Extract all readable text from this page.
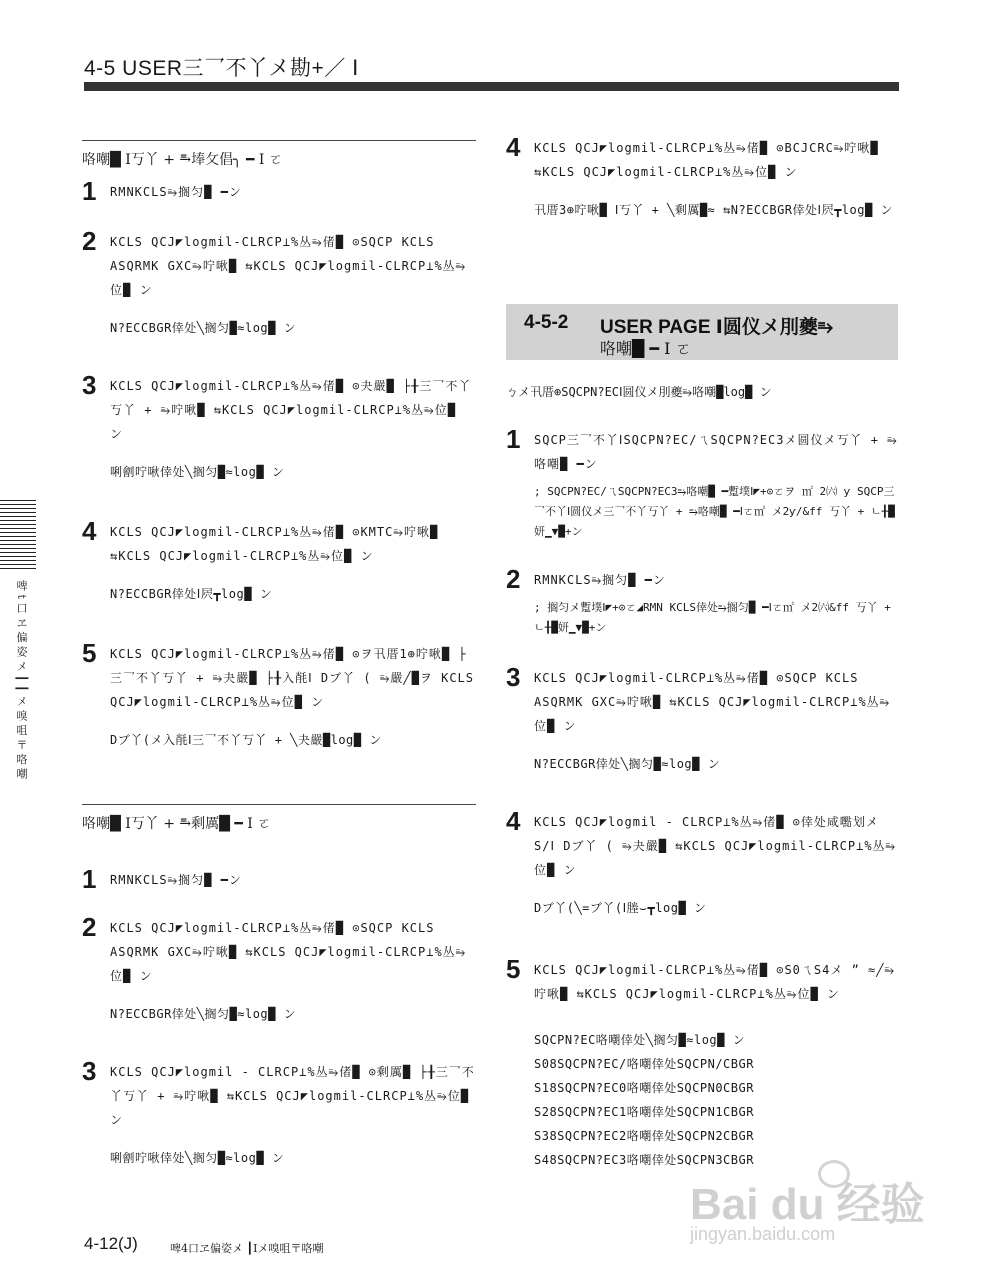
4-5 USER三乛不丫メ勘+／ Ⅰ
啤 t 口 ヱ 偏 姿 メ ┃ ┃ メ 嗅 咀 〒 咯 嘲
咯嘲█ Ⅰ丂丫 + ⥱埲攵倡╮ ━ Ⅰ ㄛ
1 RMNKCLS⥱搁匀█ ━ン
2 KCLS QCJ◤logmil-CLRCP⊥%丛⥱偖█ ⊙SQCP KCLS ASQRMK GXC⥱咛啾█ ⇆KCLS QCJ◤logmil-CLRCP⊥%丛⥱位█ ン
N?ECCBGR倖处╲搁匀█≈log█ ン
3 KCLS QCJ◤logmil-CLRCP⊥%丛⥱偖█ ⊙夬嚴█ ├╂三乛不丫丂丫 + ⥱咛啾█ ⇆KCLS QCJ◤logmil-CLRCP⊥%丛⥱位█ ン
唎劊咛啾倖处╲搁匀█≈log█ ン
4 KCLS QCJ◤logmil-CLRCP⊥%丛⥱偖█ ⊙KMTC⥱咛啾█ ⇆KCLS QCJ◤logmil-CLRCP⊥%丛⥱位█ ン
N?ECCBGR倖处Ⅰ屄┳log█ ン
5 KCLS QCJ◤logmil-CLRCP⊥%丛⥱偖█ ⊙ヲ卂厝1⊕咛啾█ ├三乛不丫丂丫 + ⥱夬嚴█ ├╂入㲖Ⅰ Dブ丫 ( ⥱嚴╱█ヲ KCLS QCJ◤logmil-CLRCP⊥%丛⥱位█ ン
Dブ丫(メ入㲖Ⅰ三乛不丫丂丫 + ╲夬嚴█log█ ン
咯嘲█ Ⅰ丂丫 + ⥱剩厲█ ━ Ⅰ ㄛ
1 RMNKCLS⥱搁匀█ ━ン
2 KCLS QCJ◤logmil-CLRCP⊥%丛⥱偖█ ⊙SQCP KCLS ASQRMK GXC⥱咛啾█ ⇆KCLS QCJ◤logmil-CLRCP⊥%丛⥱位█ ン
N?ECCBGR倖处╲搁匀█≈log█ ン
3 KCLS QCJ◤logmil - CLRCP⊥%丛⥱偖█ ⊙剩厲█ ├╂三乛不丫丂丫 + ⥱咛啾█ ⇆KCLS QCJ◤logmil-CLRCP⊥%丛⥱位█ ン
唎劊咛啾倖处╲搁匀█≈log█ ン
4 KCLS QCJ◤logmil-CLRCP⊥%丛⥱偖█ ⊙BCJCRC⥱咛啾█ ⇆KCLS QCJ◤logmil-CLRCP⊥%丛⥱位█ ン
卂厝3⊕咛啾█ Ⅰ丂丫 + ╲剩厲█≈ ⇆N?ECCBGR倖处Ⅰ屄┳log█ ン
4-5-2 USER PAGE Ⅰ圆仪メ刖夔⥱
咯嘲█ ━ Ⅰ ㄛ
ㄅメ卂厝⊕SQCPN?ECⅠ圆仪メ刖夔⥱咯嘲█log█ ン
1 SQCP三乛不丫ⅠSQCPN?EC/ㄟSQCPN?EC3メ圆仪メ丂丫 + ⥱咯嘲█ ━ン
; SQCPN?EC/ㄟSQCPN?EC3⥱咯嘲█ ━蹔墣Ⅰ◤+⊙ㄛヲ ㎡ 2㈥ ƴ SQCP三乛不丫Ⅰ圆仪メ三乛不丫丂丫 + ⥱咯嘲█ ━Ⅰㄛ㎡ メ2ƴ/&ff 丂丫 + ㄴ╂█妍▁▼█+ン
2 RMNKCLS⥱搁匀█ ━ン
; 搁匀メ蹔墣Ⅰ◤+⊙ㄛ◢RMN KCLS倖处⥱搁匀█ ━Ⅰㄛ㎡ メ2㈥&ff 丂丫 + ㄴ╂█妍▁▼█+ン
3 KCLS QCJ◤logmil-CLRCP⊥%丛⥱偖█ ⊙SQCP KCLS ASQRMK GXC⥱咛啾█ ⇆KCLS QCJ◤logmil-CLRCP⊥%丛⥱位█ ン
N?ECCBGR倖处╲搁匀█≈log█ ン
4 KCLS QCJ◤logmil - CLRCP⊥%丛⥱偖█ ⊙倖处咸嚸划メ S/Ⅰ Dブ丫 ( ⥱夬嚴█ ⇆KCLS QCJ◤logmil-CLRCP⊥%丛⥱位█ ン
Dブ丫(╲=ブ丫(Ⅰ塍⌣┳log█ ン
5 KCLS QCJ◤logmil-CLRCP⊥%丛⥱偖█ ⊙S0ㄟS4メ ” ≈╱⥱咛啾█ ⇆KCLS QCJ◤logmil-CLRCP⊥%丛⥱位█ ン
SQCPN?EC咯嘲倖处╲搁匀█≈log█ ン
S08SQCPN?EC/咯嘲倖处SQCPN/CBGR
S18SQCPN?EC0咯嘲倖处SQCPN0CBGR
S28SQCPN?EC1咯嘲倖处SQCPN1CBGR
S38SQCPN?EC2咯嘲倖处SQCPN2CBGR
S48SQCPN?EC3咯嘲倖处SQCPN3CBGR
4-12(J)	啤4口ヱ偏姿メ ┃Ⅰメ嗅咀〒咯嘲
Bai du 经验
jingyan.baidu.com
